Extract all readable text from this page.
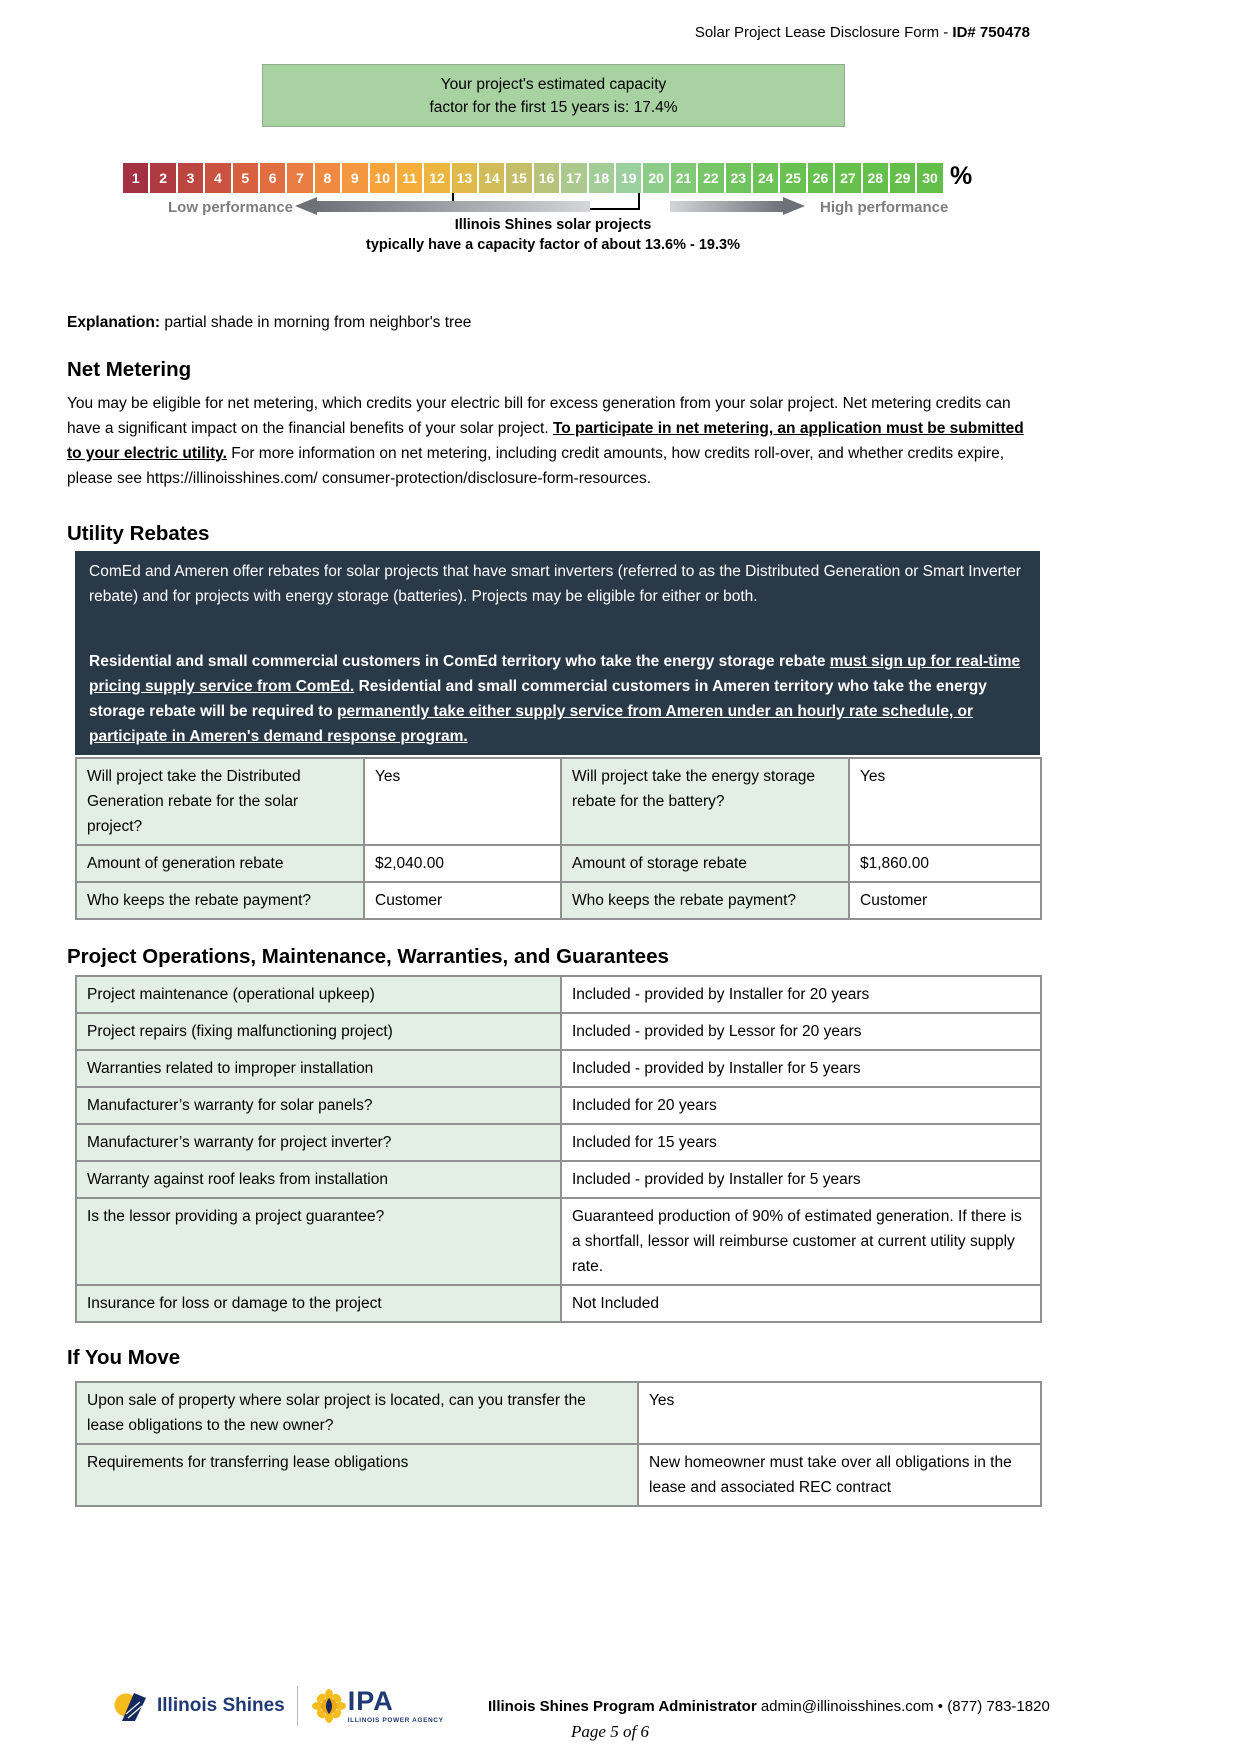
Solar Project Lease Disclosure Form - ID# 750478
Your project's estimated capacity
factor for the first 15 years is: 17.4%
1	2	3	4	5	6	7	8	9	10 11 12 13 14 15 16 17 18 19 20 21 22 23 24 25 26 27 28 29 30 %
Low performance	High performance
Illinois Shines solar projects
typically have a capacity factor of about 13.6% - 19.3%

Explanation: partial shade in morning from neighbor's tree

Net Metering

You may be eligible for net metering, which credits your electric bill for excess generation from your solar project. Net metering credits can have a significant impact on the financial benefits of your solar project. To participate in net metering, an application must be submitted to your electric utility. For more information on net metering, including credit amounts, how credits roll-over, and whether credits expire, please see https://illinoisshines.com/ consumer-protection/disclosure-form-resources.

Utility Rebates

ComEd and Ameren offer rebates for solar projects that have smart inverters (referred to as the Distributed Generation or Smart Inverter rebate) and for projects with energy storage (batteries). Projects may be eligible for either or both.

Residential and small commercial customers in ComEd territory who take the energy storage rebate must sign up for real-time pricing supply service from ComEd. Residential and small commercial customers in Ameren territory who take the energy storage rebate will be required to permanently take either supply service from Ameren under an hourly rate schedule, or participate in Ameren's demand response program.

Will project take the Distributed Generation rebate for the solar project?	Yes	Will project take the energy storage rebate for the battery?	Yes
Amount of generation rebate	$2,040.00	Amount of storage rebate	$1,860.00
Who keeps the rebate payment?	Customer	Who keeps the rebate payment?	Customer
Project Operations, Maintenance, Warranties, and Guarantees
Project maintenance (operational upkeep)	Included - provided by Installer for 20 years
Project repairs (fixing malfunctioning project)	Included - provided by Lessor for 20 years
Warranties related to improper installation	Included - provided by Installer for 5 years
Manufacturer’s warranty for solar panels?	Included for 20 years
Manufacturer’s warranty for project inverter?	Included for 15 years
Warranty against roof leaks from installation	Included - provided by Installer for 5 years
Is the lessor providing a project guarantee?	Guaranteed production of 90% of estimated generation. If there is a shortfall, lessor will reimburse customer at current utility supply rate.
Insurance for loss or damage to the project	Not Included
If You Move
Upon sale of property where solar project is located, can you transfer the lease obligations to the new owner?	Yes
Requirements for transferring lease obligations	New homeowner must take over all obligations in the lease and associated REC contract
Illinois Shines IPA
ILLINOIS POWER AGENCY
Illinois Shines Program Administrator admin@illinoisshines.com • (877) 783-1820
Page 5 of 6
